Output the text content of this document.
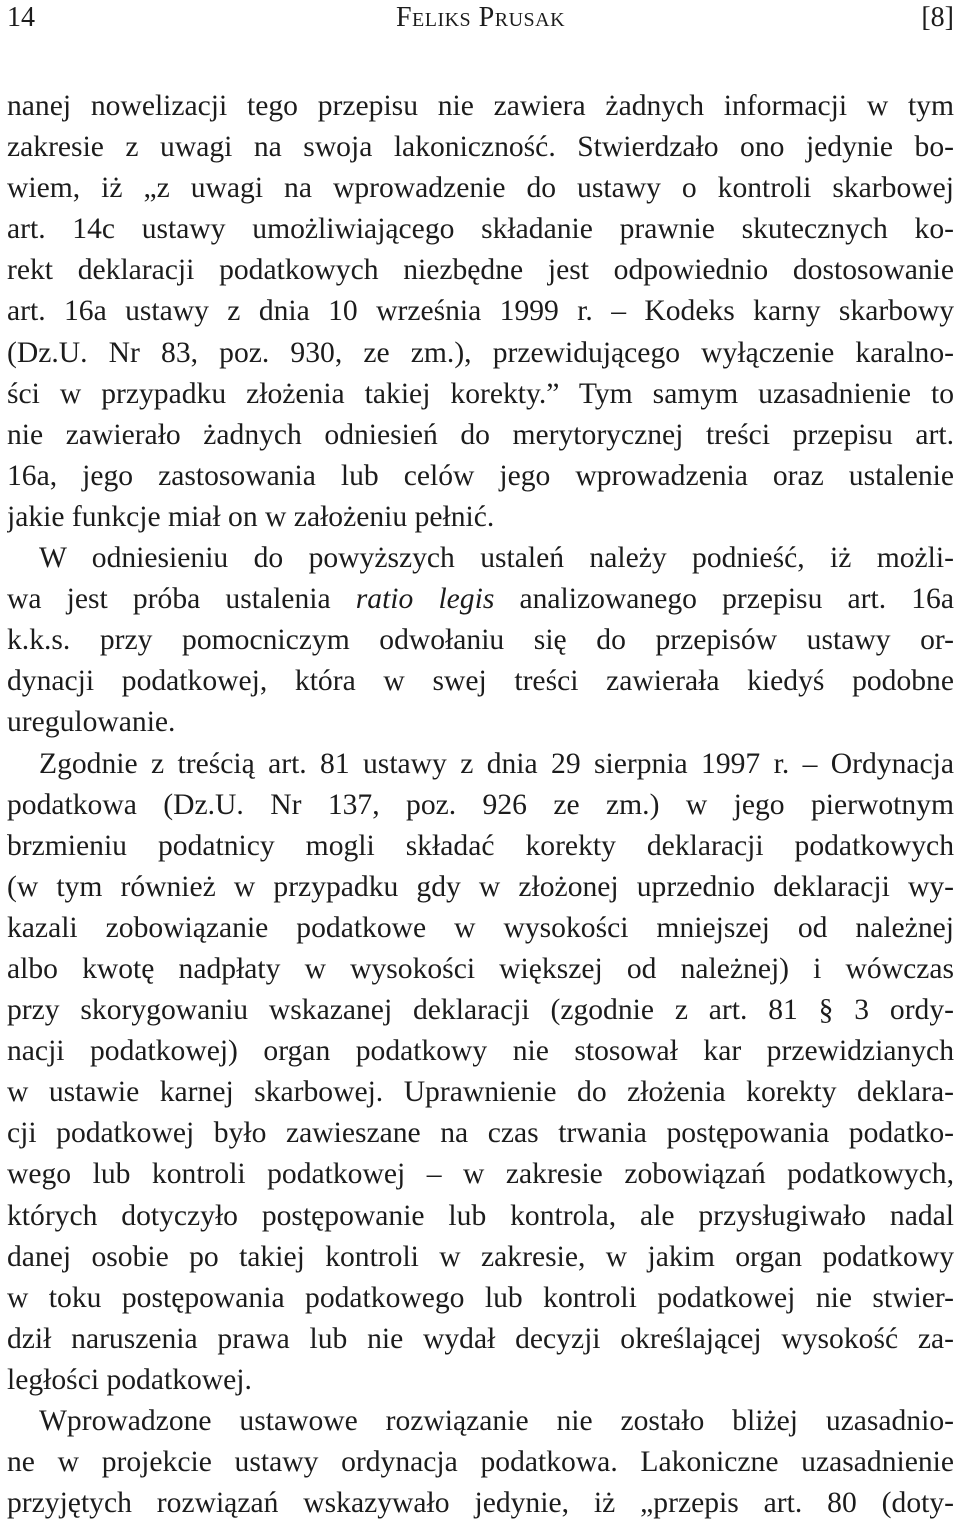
14	Feliks Prusak	[8]
nanej nowelizacji tego przepisu nie zawiera żadnych informacji w tym
zakresie z uwagi na swoja lakoniczność. Stwierdzało ono jedynie bo-
wiem, iż „z uwagi na wprowadzenie do ustawy o kontroli skarbowej
art. 14c ustawy umożliwiającego składanie prawnie skutecznych ko-
rekt deklaracji podatkowych niezbędne jest odpowiednio dostosowanie
art. 16a ustawy z dnia 10 września 1999 r. – Kodeks karny skarbowy
(Dz.U. Nr 83, poz. 930, ze zm.), przewidującego wyłączenie karalno-
ści w przypadku złożenia takiej korekty.” Tym samym uzasadnienie to
nie zawierało żadnych odniesień do merytorycznej treści przepisu art.
16a, jego zastosowania lub celów jego wprowadzenia oraz ustalenie
jakie funkcje miał on w założeniu pełnić.
W odniesieniu do powyższych ustaleń należy podnieść, iż możli-
wa jest próba ustalenia ratio legis analizowanego przepisu art. 16a
k.k.s. przy pomocniczym odwołaniu się do przepisów ustawy or-
dynacji podatkowej, która w swej treści zawierała kiedyś podobne
uregulowanie.
Zgodnie z treścią art. 81 ustawy z dnia 29 sierpnia 1997 r. – Ordynacja
podatkowa (Dz.U. Nr 137, poz. 926 ze zm.) w jego pierwotnym
brzmieniu podatnicy mogli składać korekty deklaracji podatkowych
(w tym również w przypadku gdy w złożonej uprzednio deklaracji wy-
kazali zobowiązanie podatkowe w wysokości mniejszej od należnej
albo kwotę nadpłaty w wysokości większej od należnej) i wówczas
przy skorygowaniu wskazanej deklaracji (zgodnie z art. 81 § 3 ordy-
nacji podatkowej) organ podatkowy nie stosował kar przewidzianych
w ustawie karnej skarbowej. Uprawnienie do złożenia korekty deklara-
cji podatkowej było zawieszane na czas trwania postępowania podatko-
wego lub kontroli podatkowej – w zakresie zobowiązań podatkowych,
których dotyczyło postępowanie lub kontrola, ale przysługiwało nadal
danej osobie po takiej kontroli w zakresie, w jakim organ podatkowy
w toku postępowania podatkowego lub kontroli podatkowej nie stwier-
dził naruszenia prawa lub nie wydał decyzji określającej wysokość za-
ległości podatkowej.
Wprowadzone ustawowe rozwiązanie nie zostało bliżej uzasadnio-
ne w projekcie ustawy ordynacja podatkowa. Lakoniczne uzasadnienie
przyjętych rozwiązań wskazywało jedynie, iż „przepis art. 80 (doty-
